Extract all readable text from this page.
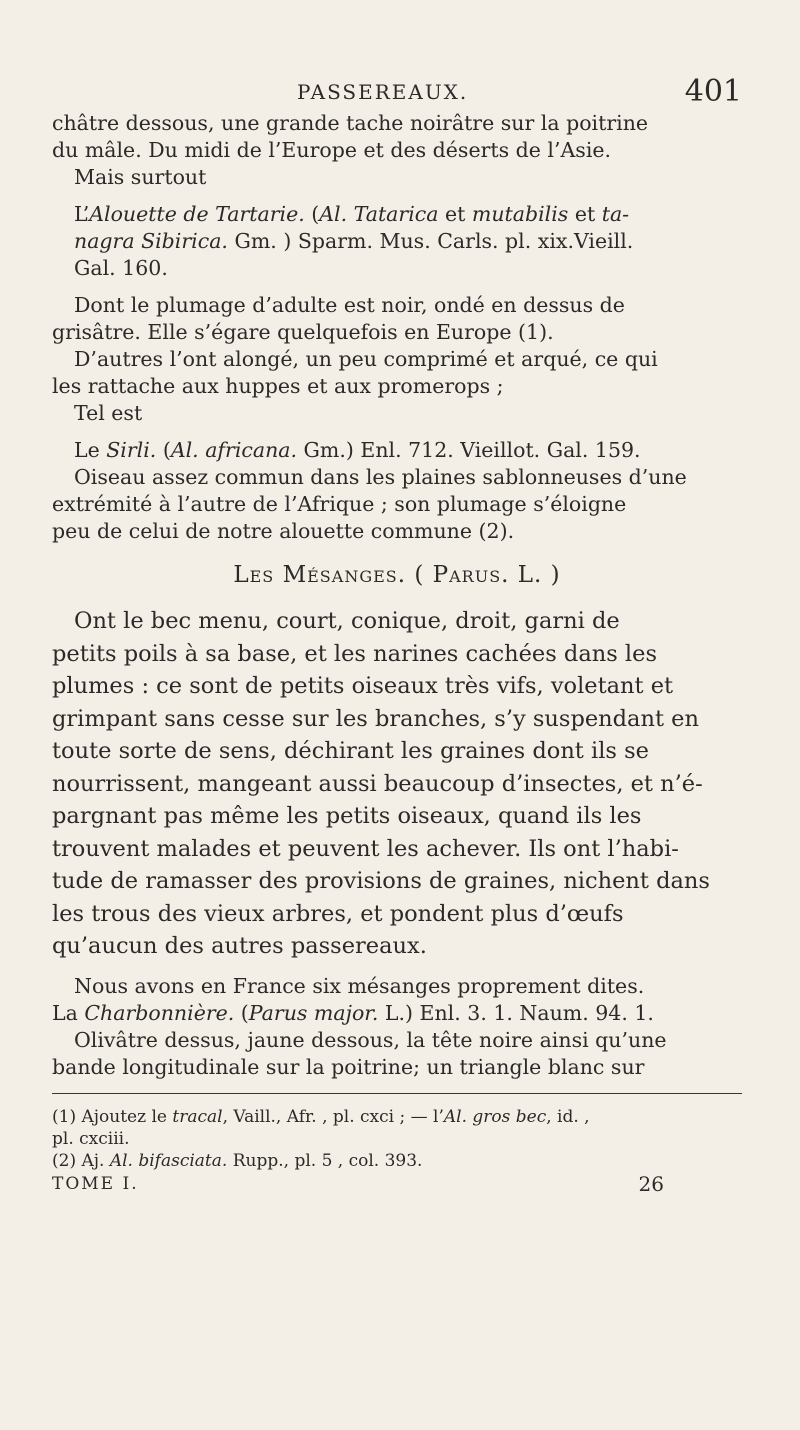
PASSEREAUX.	401
châtre dessous, une grande tache noirâtre sur la poitrine
du mâle. Du midi de l’Europe et des déserts de l’Asie.
Mais surtout
L’Alouette de Tartarie. (Al. Tatarica et mutabilis et ta-
nagra Sibirica. Gm. ) Sparm. Mus. Carls. pl. xix.Vieill.
Gal. 160.
Dont le plumage d’adulte est noir, ondé en dessus de
grisâtre. Elle s’égare quelquefois en Europe (1).
D’autres l’ont alongé, un peu comprimé et arqué, ce qui
les rattache aux huppes et aux promerops ;
Tel est
Le Sirli. (Al. africana. Gm.) Enl. 712. Vieillot. Gal. 159.
Oiseau assez commun dans les plaines sablonneuses d’une
extrémité à l’autre de l’Afrique ; son plumage s’éloigne
peu de celui de notre alouette commune (2).
Les Mésanges. ( Parus. L. )
Ont le bec menu, court, conique, droit, garni de
petits poils à sa base, et les narines cachées dans les
plumes : ce sont de petits oiseaux très vifs, voletant et
grimpant sans cesse sur les branches, s’y suspendant en
toute sorte de sens, déchirant les graines dont ils se
nourrissent, mangeant aussi beaucoup d’insectes, et n’é-
pargnant pas même les petits oiseaux, quand ils les
trouvent malades et peuvent les achever. Ils ont l’habi-
tude de ramasser des provisions de graines, nichent dans
les trous des vieux arbres, et pondent plus d’œufs
qu’aucun des autres passereaux.
Nous avons en France six mésanges proprement dites.
La Charbonnière. (Parus major. L.) Enl. 3. 1. Naum. 94. 1.
Olivâtre dessus, jaune dessous, la tête noire ainsi qu’une
bande longitudinale sur la poitrine; un triangle blanc sur
(1) Ajoutez le tracal, Vaill., Afr. , pl. cxci ; — l’Al. gros bec, id. ,
pl. cxciii.
(2) Aj. Al. bifasciata. Rupp., pl. 5 , col. 393.
TOME I.	26
